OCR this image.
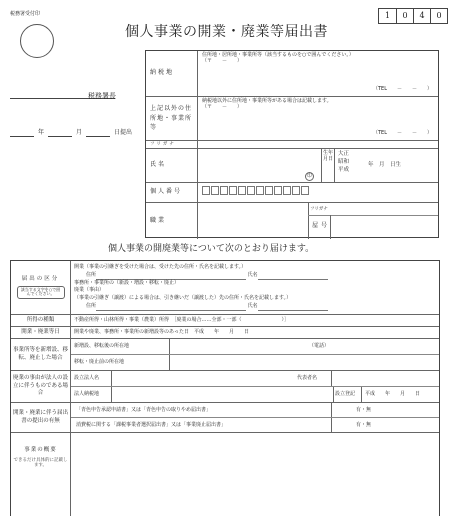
税務署受付印	1	0	4	0
個人事業の開業・廃業等届出書
税務署長
年	月	日提出
納税地
住所地・居所地・事業所等（該当するものを○で囲んでください。）
（〒　　－　　）
（TEL　　－　　－　　）
上記以外の住所地・事業所等
納税地以外に住所地・事業所等がある場合は記載します。
（〒　　－　　）
（TEL　　－　　－　　）
フリガナ
氏名
印
生年月日
大正
昭和
平成
年　月　日生
個人番号
職業
フリガナ
屋号
個人事業の開廃業等について次のとおり届けます。
届出の区分
該当する文字を○で囲んでください。
開業（事業の引継ぎを受けた場合は、受けた先の住所・氏名を記載します。）
住所	氏名
事務所・事業所の（新設・増設・移転・廃止）
廃業（事由）
（事業の引継ぎ（譲渡）による場合は、引き継いだ（譲渡した）先の住所・氏名を記載します。）
住所	氏名
所得の種類	不動産所得・山林所得・事業（農業）所得　［廃業の場合……全部・一部（　　　　　　　　）］
開業・廃業等日	開業や廃業、事務所・事業所の新増設等のあった日　平成　　年　　月　　日
事業所等を新増設、移転、廃止した場合
新増設、移転後の所在地	（電話）
移転・廃止前の所在地
廃業の事由が法人の設立に伴うものである場合
設立法人名	代表者名
法人納税地	設立登記 平成　　年　　月　　日
開業・廃業に伴う届出書の提出の有無
「青色申告承認申請書」又は「青色申告の取りやめ届出書」	有・無
消費税に関する「課税事業者選択届出書」又は「事業廃止届出書」	有・無
事業の概要
できるだけ具体的に記載します。
